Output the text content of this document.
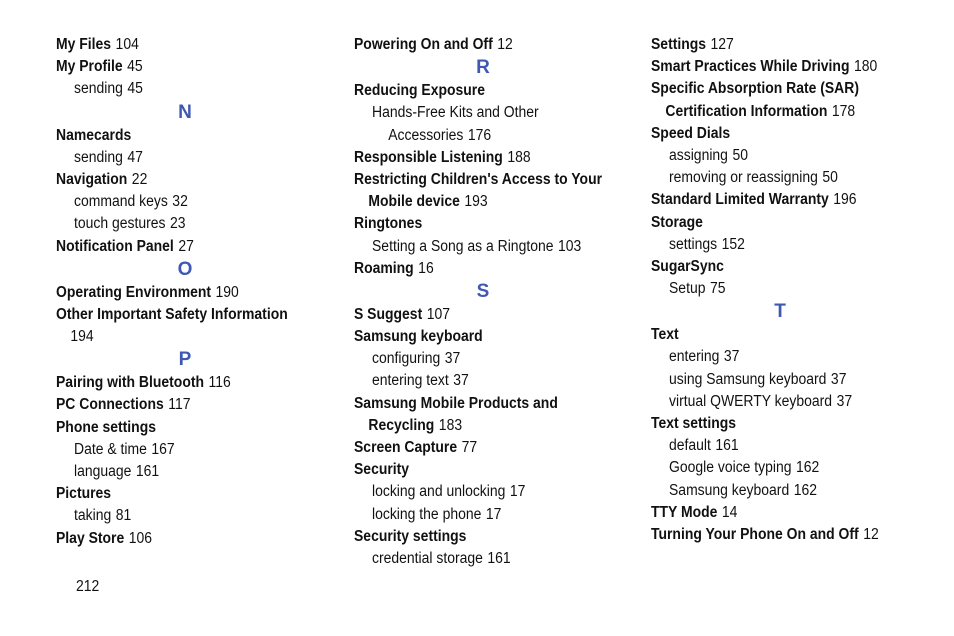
My Files 104
My Profile 45
sending 45
N
Namecards
sending 47
Navigation 22
command keys 32
touch gestures 23
Notification Panel 27
O
Operating Environment 190
Other Important Safety Information
194
P
Pairing with Bluetooth 116
PC Connections 117
Phone settings
Date & time 167
language 161
Pictures
taking 81
Play Store 106
Powering On and Off 12
R
Reducing Exposure
Hands-Free Kits and Other
Accessories 176
Responsible Listening 188
Restricting Children's Access to Your
Mobile device 193
Ringtones
Setting a Song as a Ringtone 103
Roaming 16
S
S Suggest 107
Samsung keyboard
configuring 37
entering text 37
Samsung Mobile Products and
Recycling 183
Screen Capture 77
Security
locking and unlocking 17
locking the phone 17
Security settings
credential storage 161
Settings 127
Smart Practices While Driving 180
Specific Absorption Rate (SAR)
Certification Information 178
Speed Dials
assigning 50
removing or reassigning 50
Standard Limited Warranty 196
Storage
settings 152
SugarSync
Setup 75
T
Text
entering 37
using Samsung keyboard 37
virtual QWERTY keyboard 37
Text settings
default 161
Google voice typing 162
Samsung keyboard 162
TTY Mode 14
Turning Your Phone On and Off 12
212
